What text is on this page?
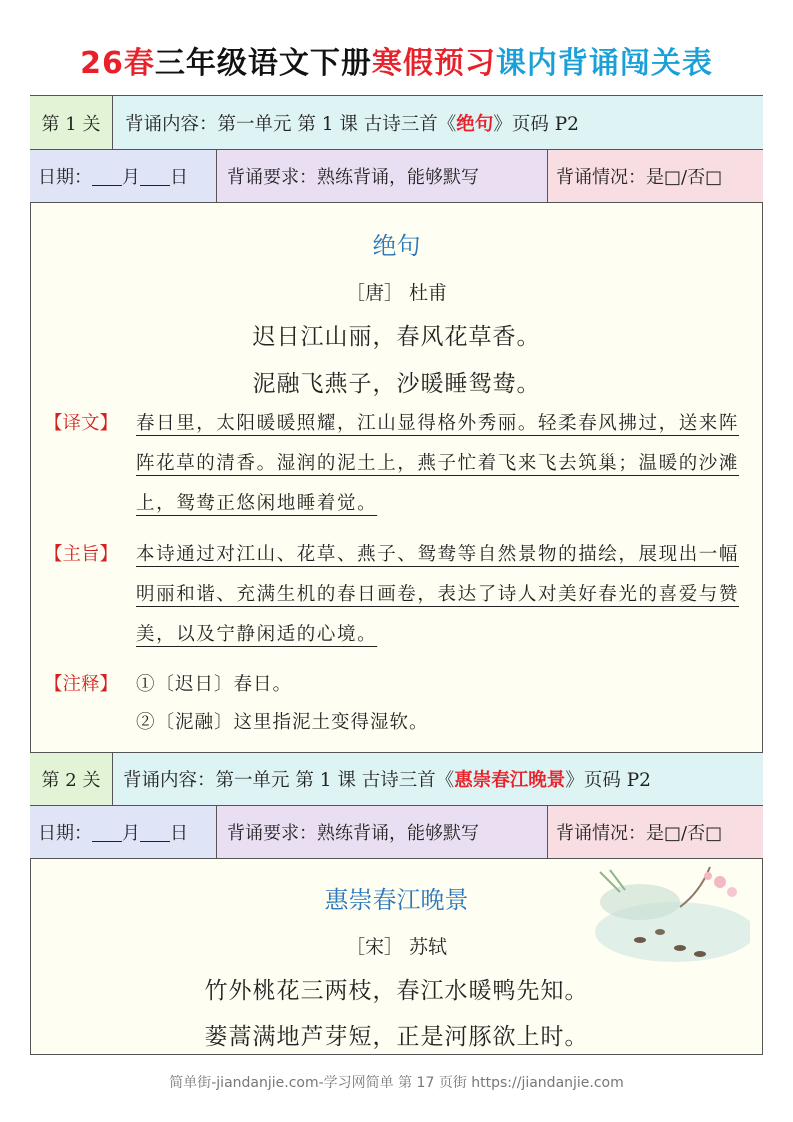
26春三年级语文下册寒假预习课内背诵闯关表
第 1 关	背诵内容：第一单元 第 1 课 古诗三首《 绝句 》页码 P2
日期： 月 日	背诵要求：熟练背诵，能够默写	背诵情况：是□/否□
绝句
［唐］ 杜甫
迟日江山丽，春风花草香。
泥融飞燕子，沙暖睡鸳鸯。
【译文】 春日里，太阳暖暖照耀，江山显得格外秀丽。轻柔春风拂过，送来阵阵花草的清香。湿润的泥土上，燕子忙着飞来飞去筑巢；温暖的沙滩上，鸳鸯正悠闲地睡着觉。
【主旨】 本诗通过对江山、花草、燕子、鸳鸯等自然景物的描绘，展现出一幅明丽和谐、充满生机的春日画卷，表达了诗人对美好春光的喜爱与赞美，以及宁静闲适的心境。
【注释】 ①〔迟日〕春日。
②〔泥融〕这里指泥土变得湿软。
第 2 关	背诵内容：第一单元 第 1 课 古诗三首《 惠崇春江晚景 》页码 P2
日期： 月 日	背诵要求：熟练背诵，能够默写	背诵情况：是□/否□
惠崇春江晚景
［宋］ 苏轼
竹外桃花三两枝，春江水暖鸭先知。
蒌蒿满地芦芽短，正是河豚欲上时。
简单街-jiandanjie.com-学习网简单 第 17 页街 https://jiandanjie.com
